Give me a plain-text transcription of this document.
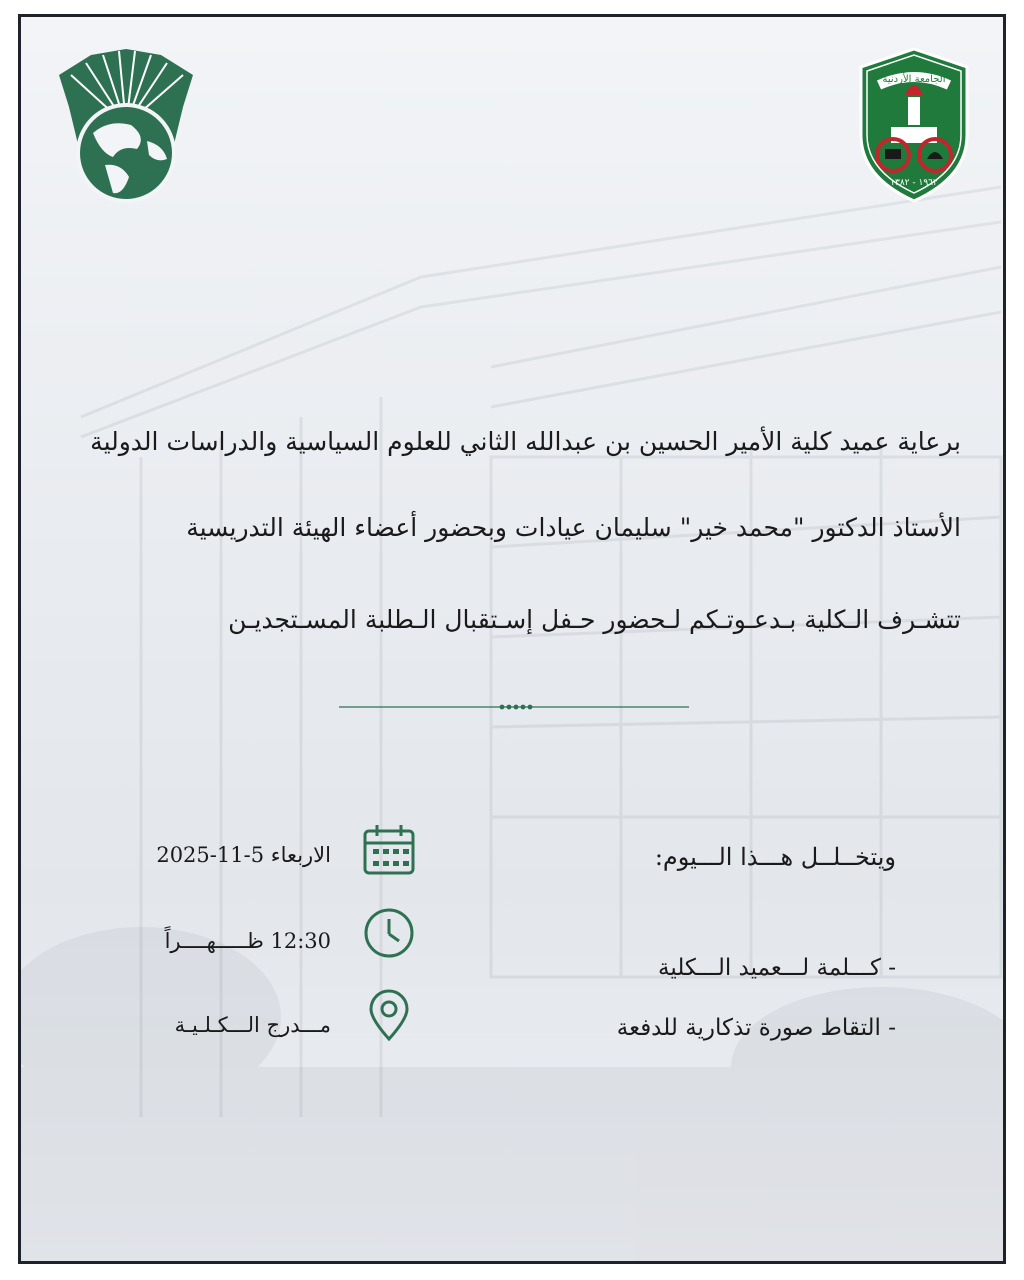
الجامعة الأردنية
١٩٦٢ - ١٣٨٢
برعاية عميد كلية الأمير الحسين بن عبدالله الثاني للعلوم السياسية والدراسات الدولية
الأستاذ الدكتور "محمد خير" سليمان عيادات وبحضور أعضاء الهيئة التدريسية
تتشـرف الـكلية بـدعـوتـكم لـحضور حـفل إسـتقبال الـطلبة المسـتجديـن
ويتخــلــل هـــذا الـــيوم:
- كـــلمة لـــعميد الـــكلية
- التقاط صورة تذكارية للدفعة
الاربعاء 5-11-2025
12:30 ظـــــهــــراً
مـــدرج الـــكـلـيـة
